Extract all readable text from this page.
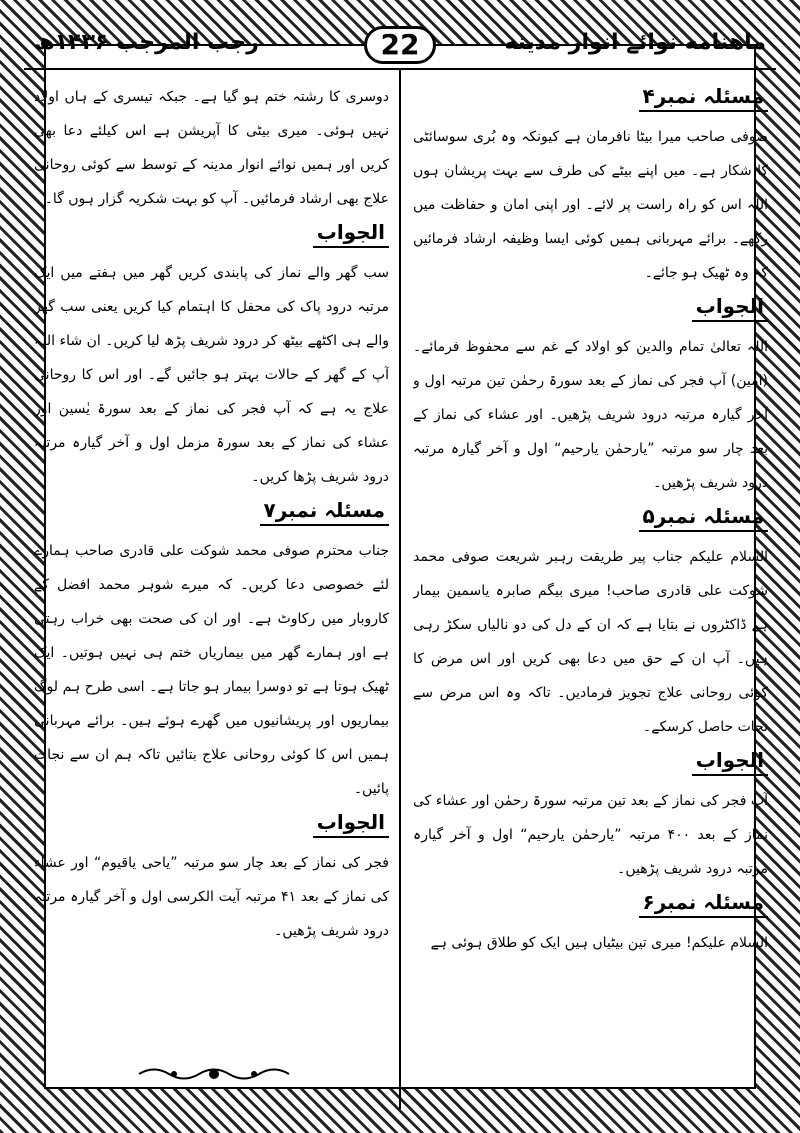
ماهنامه نوائے انوار مدینه
22
رجب المرجب ۱۴۳۶ھ
مسئلہ نمبر۴

صوفی صاحب میرا بیٹا نافرمان ہے کیونکہ وہ بُری سوسائٹی کا شکار ہے۔ میں اپنے بیٹے کی طرف سے بہت پریشان ہوں اللہ اس کو راہ راست پر لائے۔ اور اپنی امان و حفاظت میں رکھے۔ برائے مہربانی ہمیں کوئی ایسا وظیفہ ارشاد فرمائیں کہ وہ ٹھیک ہو جائے۔

الجواب

اللہ تعالیٰ تمام والدین کو اولاد کے غم سے محفوظ فرمائے۔ (امین) آپ فجر کی نماز کے بعد سورۃ رحمٰن تین مرتبہ اول و آخر گیارہ مرتبہ درود شریف پڑھیں۔ اور عشاء کی نماز کے بعد چار سو مرتبہ ”یارحمٰن یارحیم“ اول و آخر گیارہ مرتبہ درود شریف پڑھیں۔

مسئلہ نمبر۵

السلام علیکم جناب پیر طریقت رہبر شریعت صوفی محمد شوکت علی قادری صاحب! میری بیگم صابرہ یاسمین بیمار ہے ڈاکٹروں نے بتایا ہے کہ ان کے دل کی دو نالیاں سکڑ رہی ہیں۔ آپ ان کے حق میں دعا بھی کریں اور اس مرض کا کوئی روحانی علاج تجویز فرمادیں۔ تاکہ وہ اس مرض سے نجات حاصل کرسکے۔

الجواب

آپ فجر کی نماز کے بعد تین مرتبہ سورۃ رحمٰن اور عشاء کی نماز کے بعد ۴۰۰ مرتبہ ”یارحمٰن یارحیم“ اول و آخر گیارہ مرتبہ درود شریف پڑھیں۔

مسئلہ نمبر۶

السلام علیکم! میری تین بیٹیاں ہیں ایک کو طلاق ہوئی ہے

دوسری کا رشتہ ختم ہو گیا ہے۔ جبکہ تیسری کے ہاں اولاد نہیں ہوئی۔ میری بیٹی کا آپریشن ہے اس کیلئے دعا بھی کریں اور ہمیں نوائے انوار مدینہ کے توسط سے کوئی روحانی علاج بھی ارشاد فرمائیں۔ آپ کو بہت شکریہ گزار ہوں گا۔

الجواب

سب گھر والے نماز کی پابندی کریں گھر میں ہفتے میں ایک مرتبہ درود پاک کی محفل کا اہتمام کیا کریں یعنی سب گھر والے ہی اکٹھے بیٹھ کر درود شریف پڑھ لیا کریں۔ ان شاء اللہ آپ کے گھر کے حالات بہتر ہو جائیں گے۔ اور اس کا روحانی علاج یہ ہے کہ آپ فجر کی نماز کے بعد سورۃ یٰسین اور عشاء کی نماز کے بعد سورۃ مزمل اول و آخر گیارہ مرتبہ درود شریف پڑھا کریں۔

مسئلہ نمبر۷

جناب محترم صوفی محمد شوکت علی قادری صاحب ہمارے لئے خصوصی دعا کریں۔ کہ میرے شوہر محمد افضل کے کاروبار میں رکاوٹ ہے۔ اور ان کی صحت بھی خراب رہتی ہے اور ہمارے گھر میں بیماریاں ختم ہی نہیں ہوتیں۔ ایک ٹھیک ہوتا ہے تو دوسرا بیمار ہو جاتا ہے۔ اسی طرح ہم لوگ بیماریوں اور پریشانیوں میں گھرے ہوئے ہیں۔ برائے مہربانی ہمیں اس کا کوئی روحانی علاج بتائیں تاکہ ہم ان سے نجات پائیں۔

الجواب

فجر کی نماز کے بعد چار سو مرتبہ ”یاحی یاقیوم“ اور عشاء کی نماز کے بعد ۴۱ مرتبہ آیت الکرسی اول و آخر گیارہ مرتبہ درود شریف پڑھیں۔
